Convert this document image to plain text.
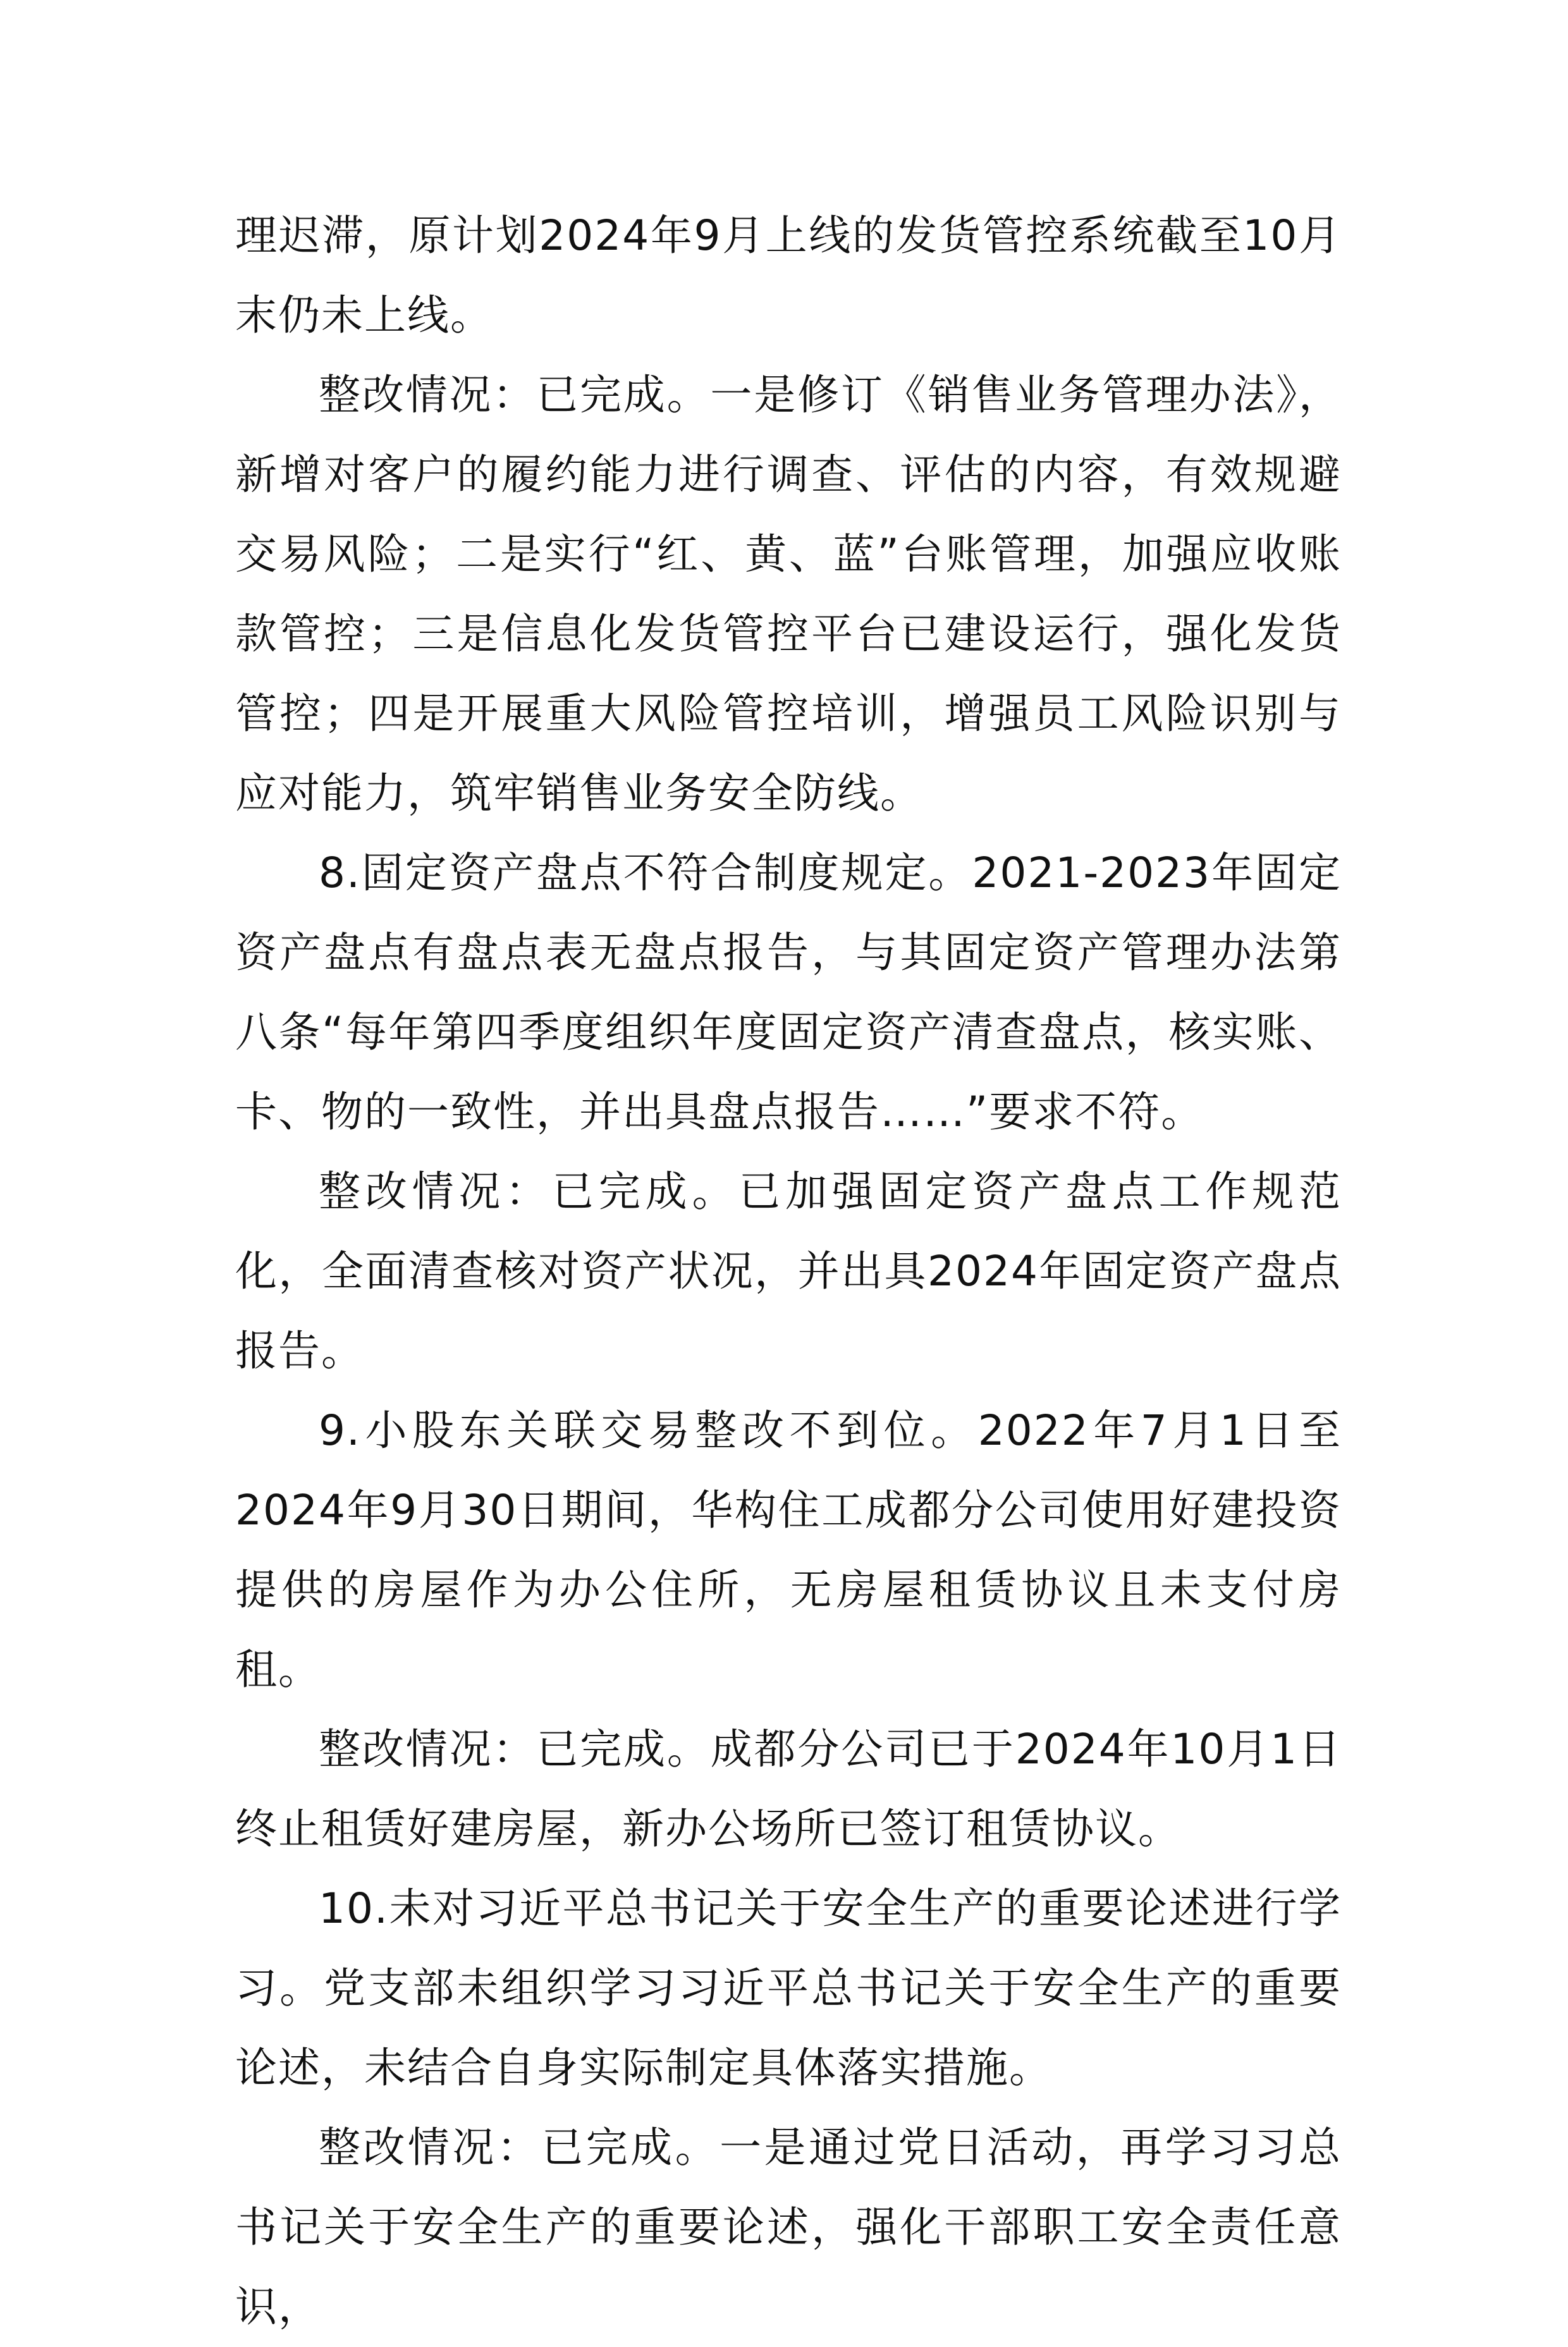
理迟滞，原计划2024年9月上线的发货管控系统截至10月末仍未上线。

整改情况：已完成。一是修订《销售业务管理办法》，新增对客户的履约能力进行调查、评估的内容，有效规避交易风险；二是实行“红、黄、蓝”台账管理，加强应收账款管控；三是信息化发货管控平台已建设运行，强化发货管控；四是开展重大风险管控培训，增强员工风险识别与应对能力，筑牢销售业务安全防线。

8.固定资产盘点不符合制度规定。2021-2023年固定资产盘点有盘点表无盘点报告，与其固定资产管理办法第八条“每年第四季度组织年度固定资产清查盘点，核实账、卡、物的一致性，并出具盘点报告……”要求不符。

整改情况：已完成。已加强固定资产盘点工作规范化，全面清查核对资产状况，并出具2024年固定资产盘点报告。

9.小股东关联交易整改不到位。2022年7月1日至2024年9月30日期间，华构住工成都分公司使用好建投资提供的房屋作为办公住所，无房屋租赁协议且未支付房租。

整改情况：已完成。成都分公司已于2024年10月1日终止租赁好建房屋，新办公场所已签订租赁协议。

10.未对习近平总书记关于安全生产的重要论述进行学习。党支部未组织学习习近平总书记关于安全生产的重要论述，未结合自身实际制定具体落实措施。

整改情况：已完成。一是通过党日活动，再学习习总书记关于安全生产的重要论述，强化干部职工安全责任意识，
